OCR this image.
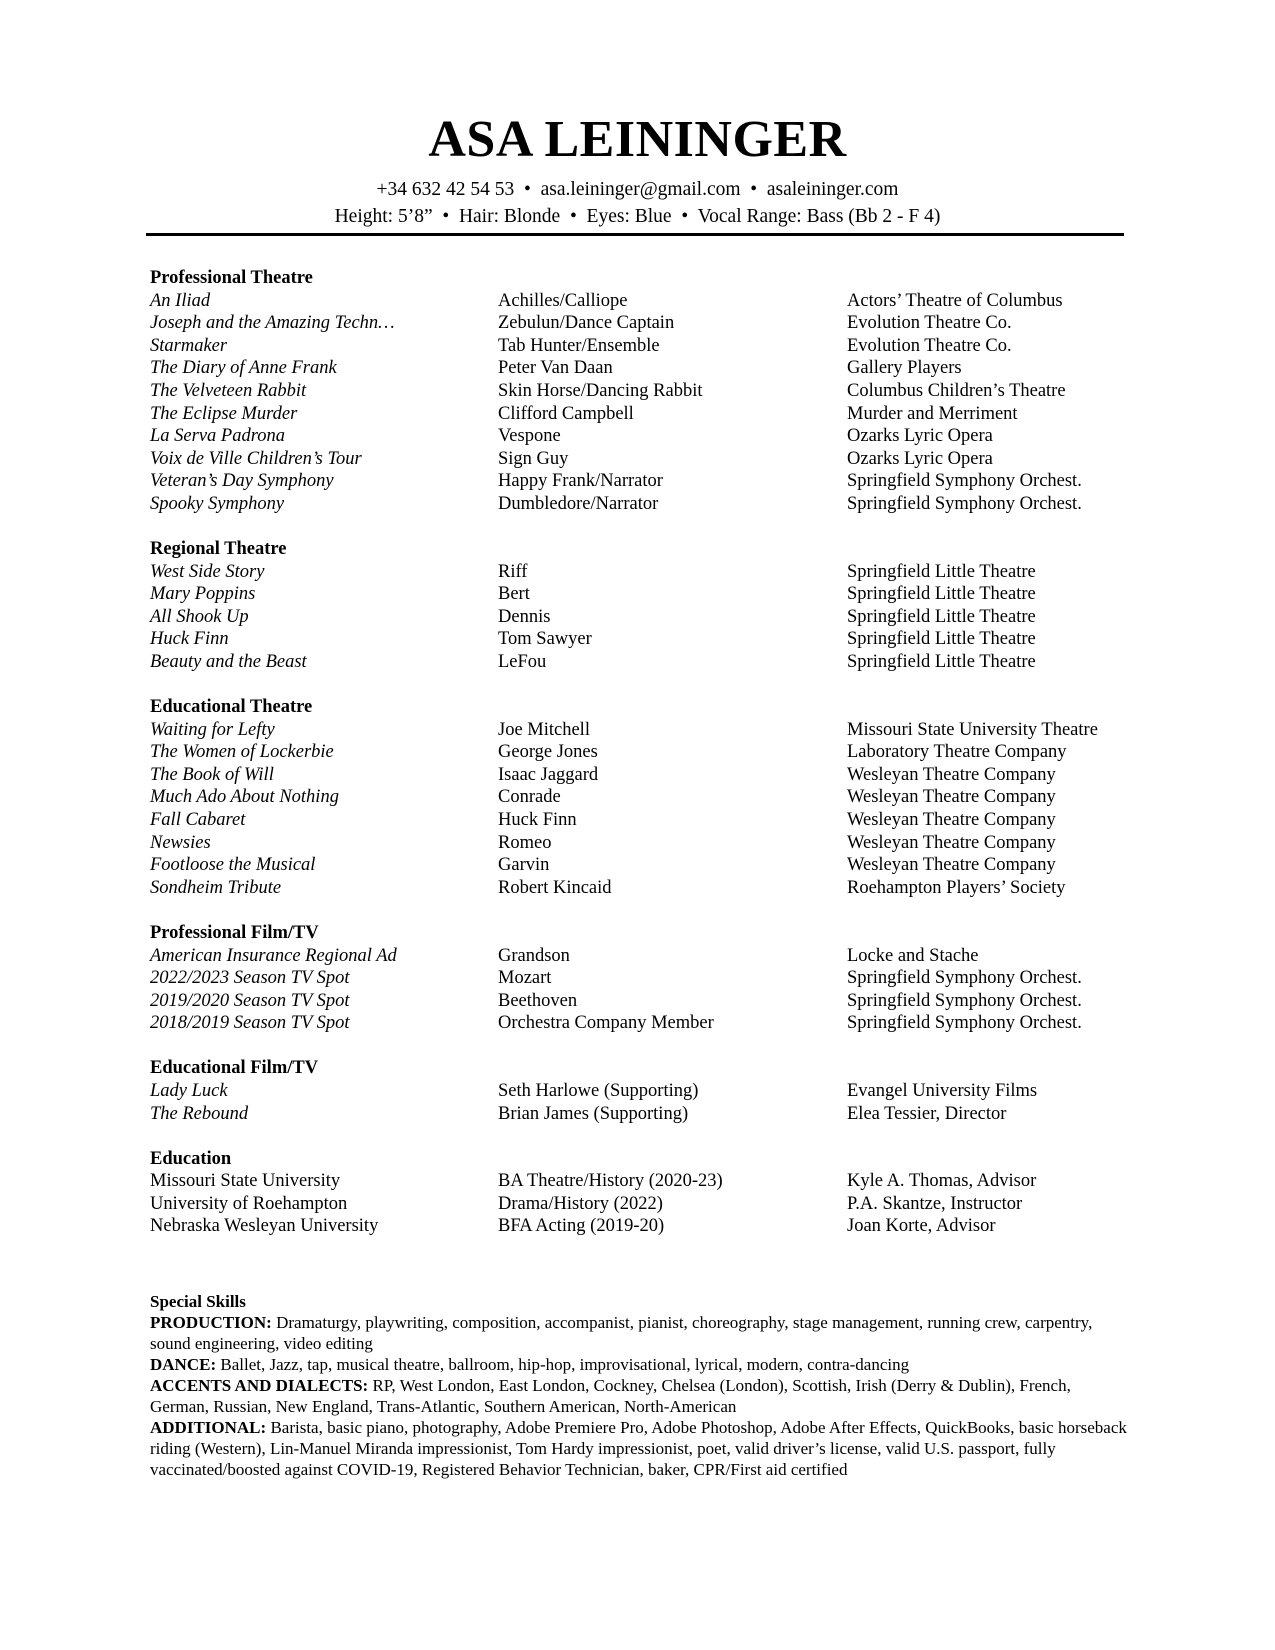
ASA LEININGER
+34 632 42 54 53 • asa.leininger@gmail.com • asaleininger.com
Height: 5’8” • Hair: Blonde • Eyes: Blue • Vocal Range: Bass (Bb 2 - F 4)
Professional Theatre
An Iliad	Achilles/Calliope	Actors’ Theatre of Columbus
Joseph and the Amazing Techn…	Zebulun/Dance Captain	Evolution Theatre Co.
Starmaker	Tab Hunter/Ensemble	Evolution Theatre Co.
The Diary of Anne Frank	Peter Van Daan	Gallery Players
The Velveteen Rabbit	Skin Horse/Dancing Rabbit	Columbus Children’s Theatre
The Eclipse Murder	Clifford Campbell	Murder and Merriment
La Serva Padrona	Vespone	Ozarks Lyric Opera
Voix de Ville Children’s Tour	Sign Guy	Ozarks Lyric Opera
Veteran’s Day Symphony	Happy Frank/Narrator	Springfield Symphony Orchest.
Spooky Symphony	Dumbledore/Narrator	Springfield Symphony Orchest.
Regional Theatre
West Side Story	Riff	Springfield Little Theatre
Mary Poppins	Bert	Springfield Little Theatre
All Shook Up	Dennis	Springfield Little Theatre
Huck Finn	Tom Sawyer	Springfield Little Theatre
Beauty and the Beast	LeFou	Springfield Little Theatre
Educational Theatre
Waiting for Lefty	Joe Mitchell	Missouri State University Theatre
The Women of Lockerbie	George Jones	Laboratory Theatre Company
The Book of Will	Isaac Jaggard	Wesleyan Theatre Company
Much Ado About Nothing	Conrade	Wesleyan Theatre Company
Fall Cabaret	Huck Finn	Wesleyan Theatre Company
Newsies	Romeo	Wesleyan Theatre Company
Footloose the Musical	Garvin	Wesleyan Theatre Company
Sondheim Tribute	Robert Kincaid	Roehampton Players’ Society
Professional Film/TV
American Insurance Regional Ad	Grandson	Locke and Stache
2022/2023 Season TV Spot	Mozart	Springfield Symphony Orchest.
2019/2020 Season TV Spot	Beethoven	Springfield Symphony Orchest.
2018/2019 Season TV Spot	Orchestra Company Member	Springfield Symphony Orchest.
Educational Film/TV
Lady Luck	Seth Harlowe (Supporting)	Evangel University Films
The Rebound	Brian James (Supporting)	Elea Tessier, Director
Education
Missouri State University	BA Theatre/History (2020-23)	Kyle A. Thomas, Advisor
University of Roehampton	Drama/History (2022)	P.A. Skantze, Instructor
Nebraska Wesleyan University	BFA Acting (2019-20)	Joan Korte, Advisor
Special Skills

PRODUCTION: Dramaturgy, playwriting, composition, accompanist, pianist, choreography, stage management, running crew, carpentry, sound engineering, video editing

DANCE: Ballet, Jazz, tap, musical theatre, ballroom, hip-hop, improvisational, lyrical, modern, contra-dancing

ACCENTS AND DIALECTS: RP, West London, East London, Cockney, Chelsea (London), Scottish, Irish (Derry & Dublin), French, German, Russian, New England, Trans-Atlantic, Southern American, North-American

ADDITIONAL: Barista, basic piano, photography, Adobe Premiere Pro, Adobe Photoshop, Adobe After Effects, QuickBooks, basic horseback riding (Western), Lin-Manuel Miranda impressionist, Tom Hardy impressionist, poet, valid driver’s license, valid U.S. passport, fully vaccinated/boosted against COVID-19, Registered Behavior Technician, baker, CPR/First aid certified
